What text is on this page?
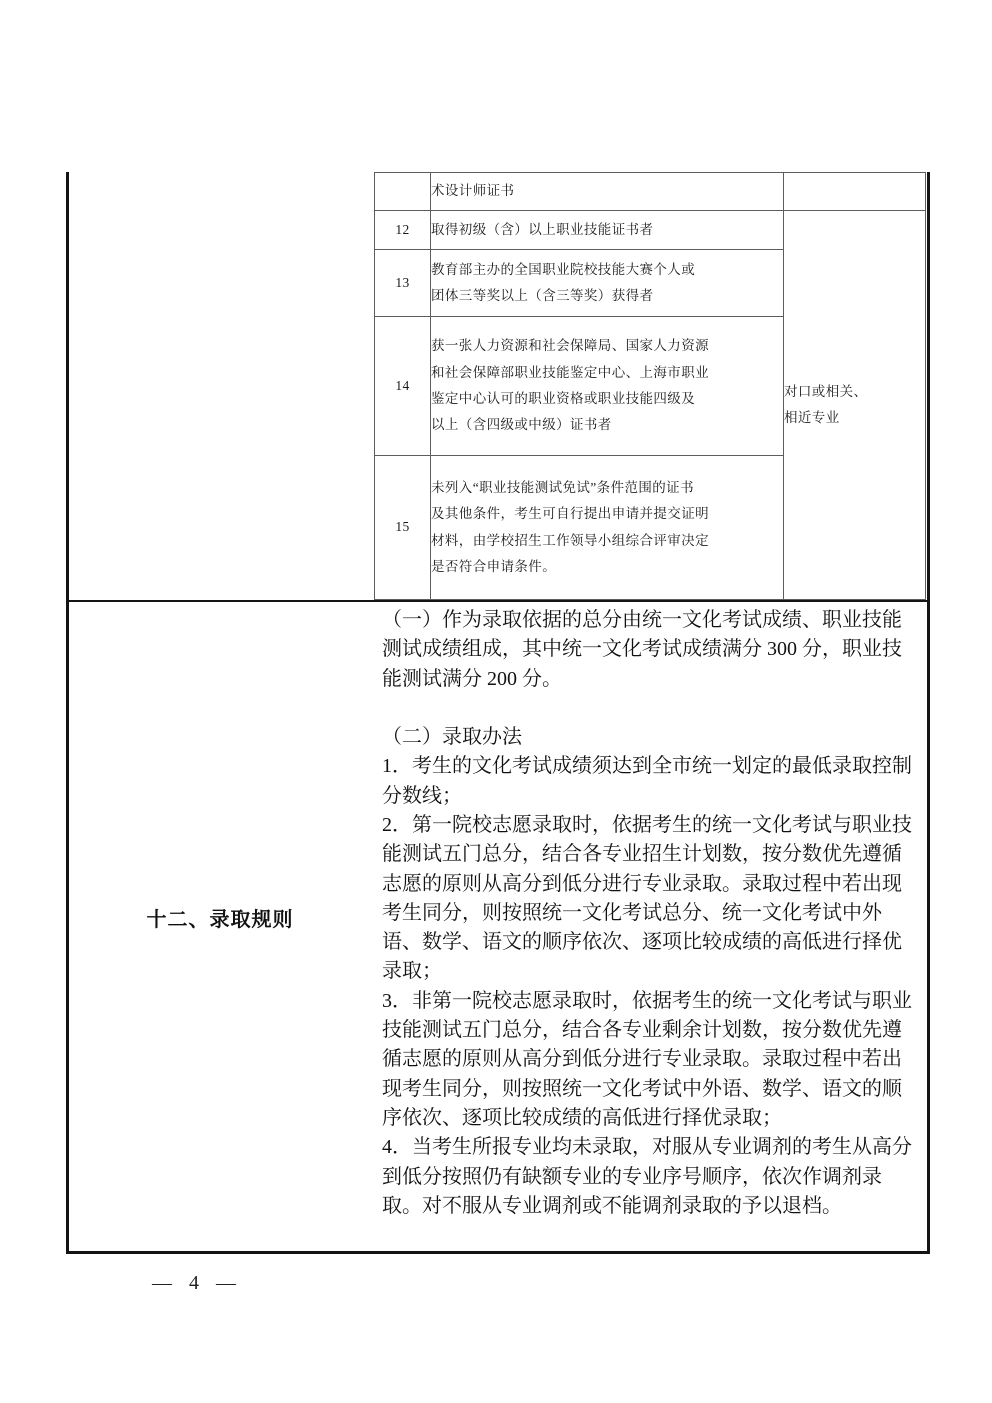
	术设计师证书	

12	取得初级（含）以上职业技能证书者	对口或相关、
相近专业

13	教育部主办的全国职业院校技能大赛个人或
团体三等奖以上（含三等奖）获得者	

14	获一张人力资源和社会保障局、国家人力资源
和社会保障部职业技能鉴定中心、上海市职业
鉴定中心认可的职业资格或职业技能四级及
以上（含四级或中级）证书者	

15	未列入“职业技能测试免试”条件范围的证书
及其他条件，考生可自行提出申请并提交证明
材料，由学校招生工作领导小组综合评审决定
是否符合申请条件。	
十二、录取规则

（一）作为录取依据的总分由统一文化考试成绩、职业技能测试成绩组成，其中统一文化考试成绩满分 300 分，职业技能测试满分 200 分。

（二）录取办法

1．考生的文化考试成绩须达到全市统一划定的最低录取控制分数线；

2．第一院校志愿录取时，依据考生的统一文化考试与职业技能测试五门总分，结合各专业招生计划数，按分数优先遵循志愿的原则从高分到低分进行专业录取。录取过程中若出现考生同分，则按照统一文化考试总分、统一文化考试中外语、数学、语文的顺序依次、逐项比较成绩的高低进行择优录取；

3．非第一院校志愿录取时，依据考生的统一文化考试与职业技能测试五门总分，结合各专业剩余计划数，按分数优先遵循志愿的原则从高分到低分进行专业录取。录取过程中若出现考生同分，则按照统一文化考试中外语、数学、语文的顺序依次、逐项比较成绩的高低进行择优录取；

4．当考生所报专业均未录取，对服从专业调剂的考生从高分到低分按照仍有缺额专业的专业序号顺序，依次作调剂录取。对不服从专业调剂或不能调剂录取的予以退档。

— 4 —
